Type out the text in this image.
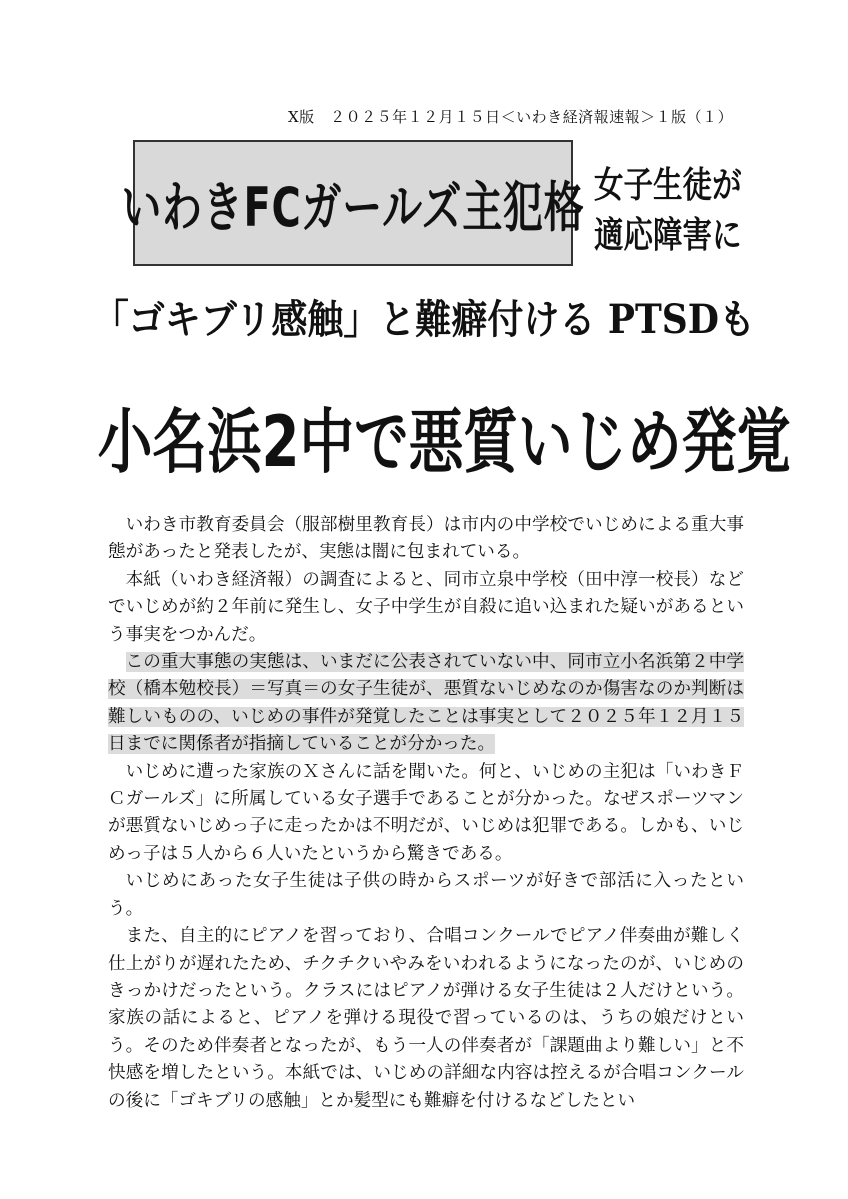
X版　２０２５年１２月１５日＜いわき経済報速報＞１版（１）
いわきFCガールズ主犯格 女子生徒が
適応障害に
「ゴキブリ感触」と難癖付ける PTSDも
小名浜2中で悪質いじめ発覚

いわき市教育委員会（服部樹里教育長）は市内の中学校でいじめによる重大事態があったと発表したが、実態は闇に包まれている。

本紙（いわき経済報）の調査によると、同市立泉中学校（田中淳一校長）などでいじめが約２年前に発生し、女子中学生が自殺に追い込まれた疑いがあるという事実をつかんだ。

この重大事態の実態は、いまだに公表されていない中、同市立小名浜第２中学校（橋本勉校長）＝写真＝の女子生徒が、悪質ないじめなのか傷害なのか判断は難しいものの、いじめの事件が発覚したことは事実として２０２５年１２月１５日までに関係者が指摘していることが分かった。

いじめに遭った家族のＸさんに話を聞いた。何と、いじめの主犯は「いわきＦＣガールズ」に所属している女子選手であることが分かった。なぜスポーツマンが悪質ないじめっ子に走ったかは不明だが、いじめは犯罪である。しかも、いじめっ子は５人から６人いたというから驚きである。

いじめにあった女子生徒は子供の時からスポーツが好きで部活に入ったという。

また、自主的にピアノを習っており、合唱コンクールでピアノ伴奏曲が難しく仕上がりが遅れたため、チクチクいやみをいわれるようになったのが、いじめのきっかけだったという。クラスにはピアノが弾ける女子生徒は２人だけという。家族の話によると、ピアノを弾ける現役で習っているのは、うちの娘だけという。そのため伴奏者となったが、もう一人の伴奏者が「課題曲より難しい」と不快感を増したという。本紙では、いじめの詳細な内容は控えるが合唱コンクールの後に「ゴキブリの感触」とか髪型にも難癖を付けるなどしたとい
